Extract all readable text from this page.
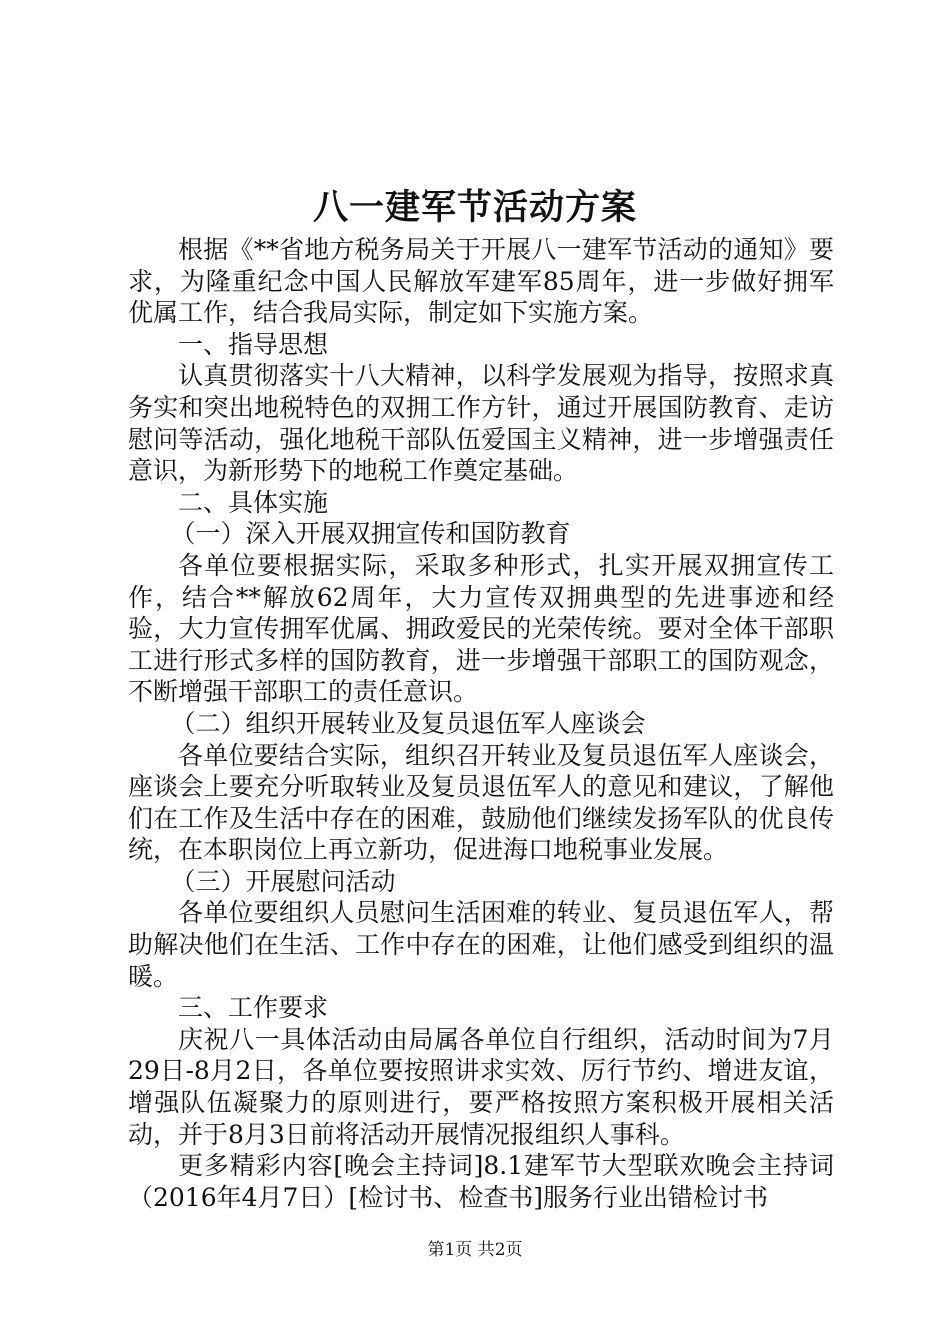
八一建军节活动方案

根据《**省地方税务局关于开展八一建军节活动的通知》要求，为隆重纪念中国人民解放军建军85周年，进一步做好拥军优属工作，结合我局实际，制定如下实施方案。

一、指导思想

认真贯彻落实十八大精神，以科学发展观为指导，按照求真务实和突出地税特色的双拥工作方针，通过开展国防教育、走访慰问等活动，强化地税干部队伍爱国主义精神，进一步增强责任意识，为新形势下的地税工作奠定基础。

二、具体实施

（一）深入开展双拥宣传和国防教育

各单位要根据实际，采取多种形式，扎实开展双拥宣传工作，结合**解放62周年，大力宣传双拥典型的先进事迹和经验，大力宣传拥军优属、拥政爱民的光荣传统。要对全体干部职工进行形式多样的国防教育，进一步增强干部职工的国防观念，不断增强干部职工的责任意识。

（二）组织开展转业及复员退伍军人座谈会

各单位要结合实际，组织召开转业及复员退伍军人座谈会，座谈会上要充分听取转业及复员退伍军人的意见和建议，了解他们在工作及生活中存在的困难，鼓励他们继续发扬军队的优良传统，在本职岗位上再立新功，促进海口地税事业发展。

（三）开展慰问活动

各单位要组织人员慰问生活困难的转业、复员退伍军人，帮助解决他们在生活、工作中存在的困难，让他们感受到组织的温暖。

三、工作要求

庆祝八一具体活动由局属各单位自行组织，活动时间为7月29日-8月2日，各单位要按照讲求实效、厉行节约、增进友谊，增强队伍凝聚力的原则进行，要严格按照方案积极开展相关活动，并于8月3日前将活动开展情况报组织人事科。

更多精彩内容[晚会主持词]8.1建军节大型联欢晚会主持词（2016年4月7日）[检讨书、检查书]服务行业出错检讨书

第1页 共2页
